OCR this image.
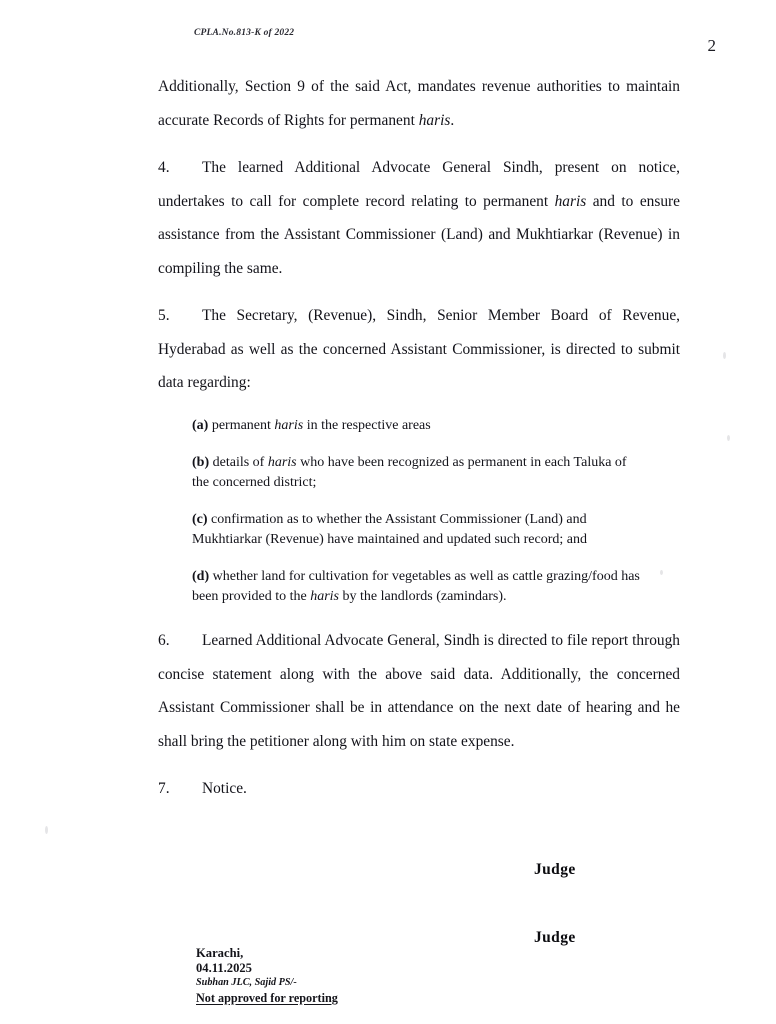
CPLA.No.813-K of 2022
2

Additionally, Section 9 of the said Act, mandates revenue authorities to maintain accurate Records of Rights for permanent haris.

4. The learned Additional Advocate General Sindh, present on notice, undertakes to call for complete record relating to permanent haris and to ensure assistance from the Assistant Commissioner (Land) and Mukhtiarkar (Revenue) in compiling the same.

5. The Secretary, (Revenue), Sindh, Senior Member Board of Revenue, Hyderabad as well as the concerned Assistant Commissioner, is directed to submit data regarding:

(a) permanent haris in the respective areas
(b) details of haris who have been recognized as permanent in each Taluka of the concerned district;
(c) confirmation as to whether the Assistant Commissioner (Land) and Mukhtiarkar (Revenue) have maintained and updated such record; and
(d) whether land for cultivation for vegetables as well as cattle grazing/food has been provided to the haris by the landlords (zamindars).

6. Learned Additional Advocate General, Sindh is directed to file report through concise statement along with the above said data. Additionally, the concerned Assistant Commissioner shall be in attendance on the next date of hearing and he shall bring the petitioner along with him on state expense.

7. Notice.

Judge
Judge
Karachi,
04.11.2025
Subhan JLC, Sajid PS/-
Not approved for reporting
